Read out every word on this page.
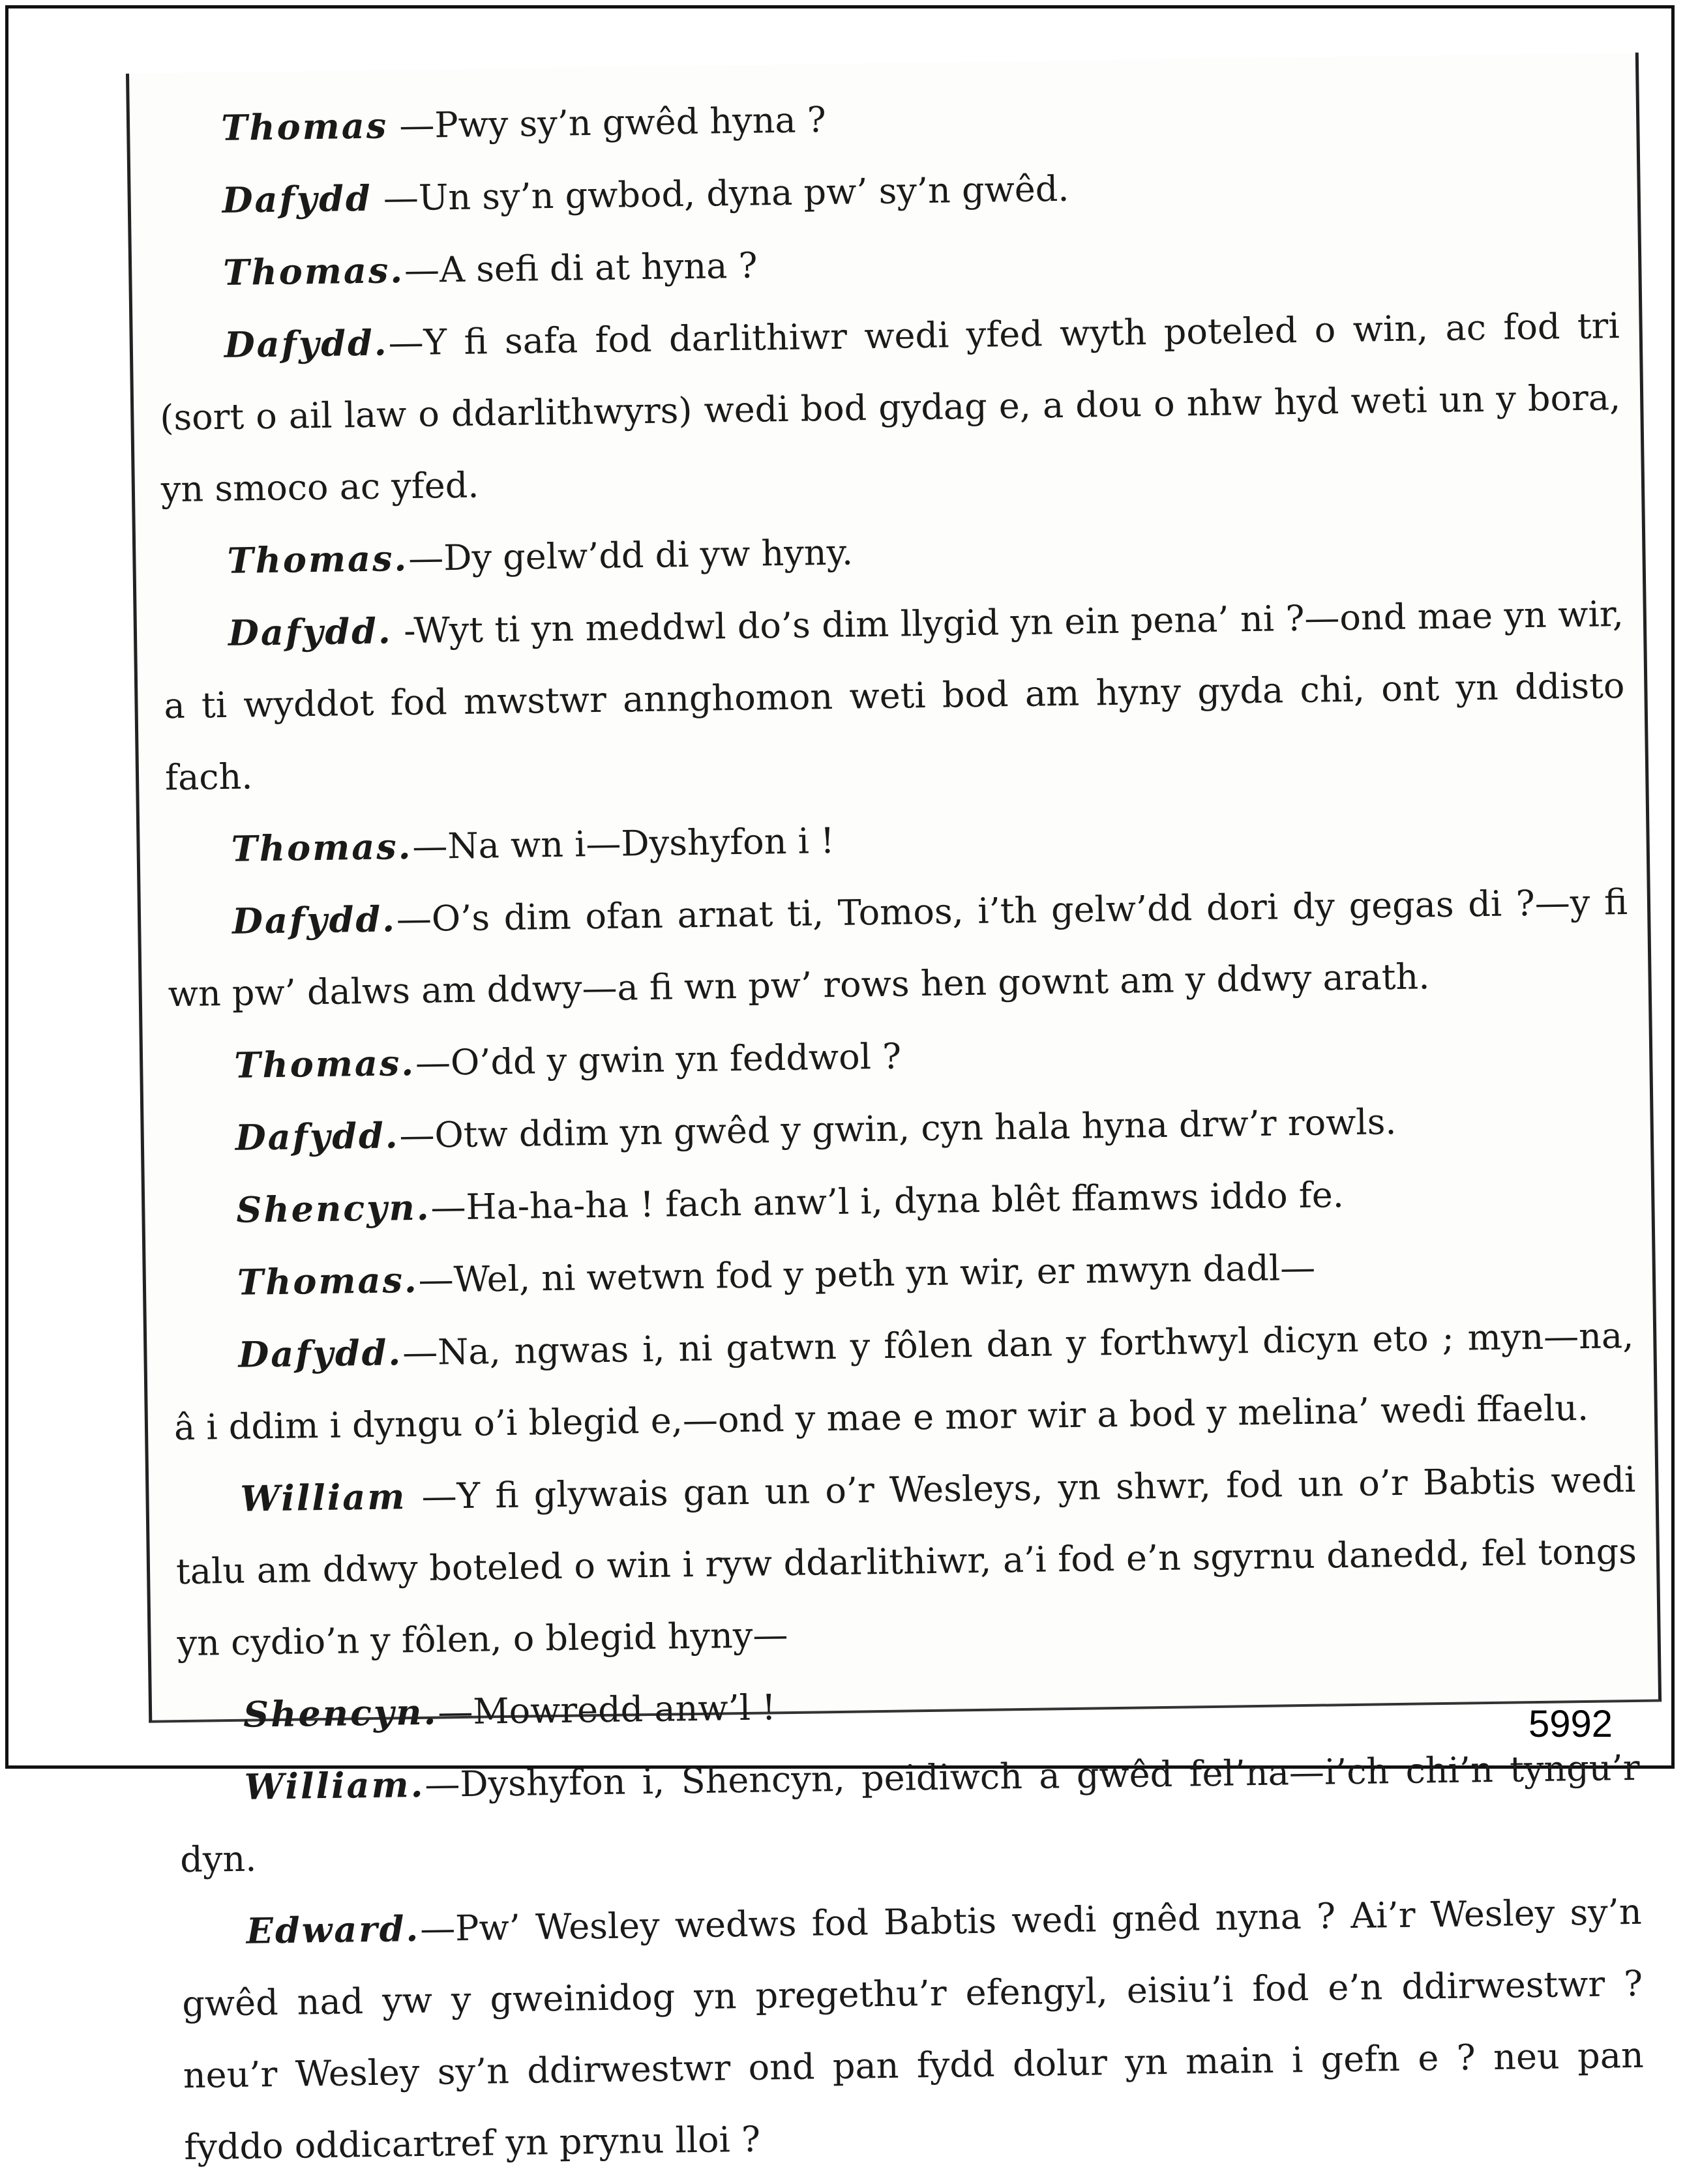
Thomas —Pwy sy’n gwêd hyna ?

Dafydd —Un sy’n gwbod, dyna pw’ sy’n gwêd.

Thomas.—A sefi di at hyna ?

Dafydd.—Y fi safa fod darlithiwr wedi yfed wyth poteled o win, ac fod tri (sort o ail law o ddarlithwyrs) wedi bod gydag e, a dou o nhw hyd weti un y bora, yn smoco ac yfed.

Thomas.—Dy gelw’dd di yw hyny.

Dafydd. -Wyt ti yn meddwl do’s dim llygid yn ein pena’ ni ?—ond mae yn wir, a ti wyddot fod mwstwr annghomon weti bod am hyny gyda chi, ont yn ddisto fach.

Thomas.—Na wn i—Dyshyfon i !

Dafydd.—O’s dim ofan arnat ti, Tomos, i’th gelw’dd dori dy gegas di ?—y fi wn pw’ dalws am ddwy—a fi wn pw’ rows hen gownt am y ddwy arath.

Thomas.—O’dd y gwin yn feddwol ?

Dafydd.—Otw ddim yn gwêd y gwin, cyn hala hyna drw’r rowls.

Shencyn.—Ha-ha-ha ! fach anw’l i, dyna blêt ffamws iddo fe.

Thomas.—Wel, ni wetwn fod y peth yn wir, er mwyn dadl—

Dafydd.—Na, ngwas i, ni gatwn y fôlen dan y forthwyl dicyn eto ; myn—na, â i ddim i dyngu o’i blegid e,—ond y mae e mor wir a bod y melina’ wedi ffaelu.

William —Y fi glywais gan un o’r Wesleys, yn shwr, fod un o’r Babtis wedi talu am ddwy boteled o win i ryw ddarlithiwr, a’i fod e’n sgyrnu danedd, fel tongs yn cydio’n y fôlen, o blegid hyny—

Shencyn.—Mowredd anw’l !

William.—Dyshyfon i, Shencyn, peidiwch a gwêd fel’na—i’ch chi’n tyngu’r dyn.

Edward.—Pw’ Wesley wedws fod Babtis wedi gnêd nyna ? Ai’r Wesley sy’n gwêd nad yw y gweinidog yn pregethu’r efengyl, eisiu’i fod e’n ddirwestwr ? neu’r Wesley sy’n ddirwestwr ond pan fydd dolur yn main i gefn e ? neu pan fyddo oddicartref yn prynu lloi ?

5992
